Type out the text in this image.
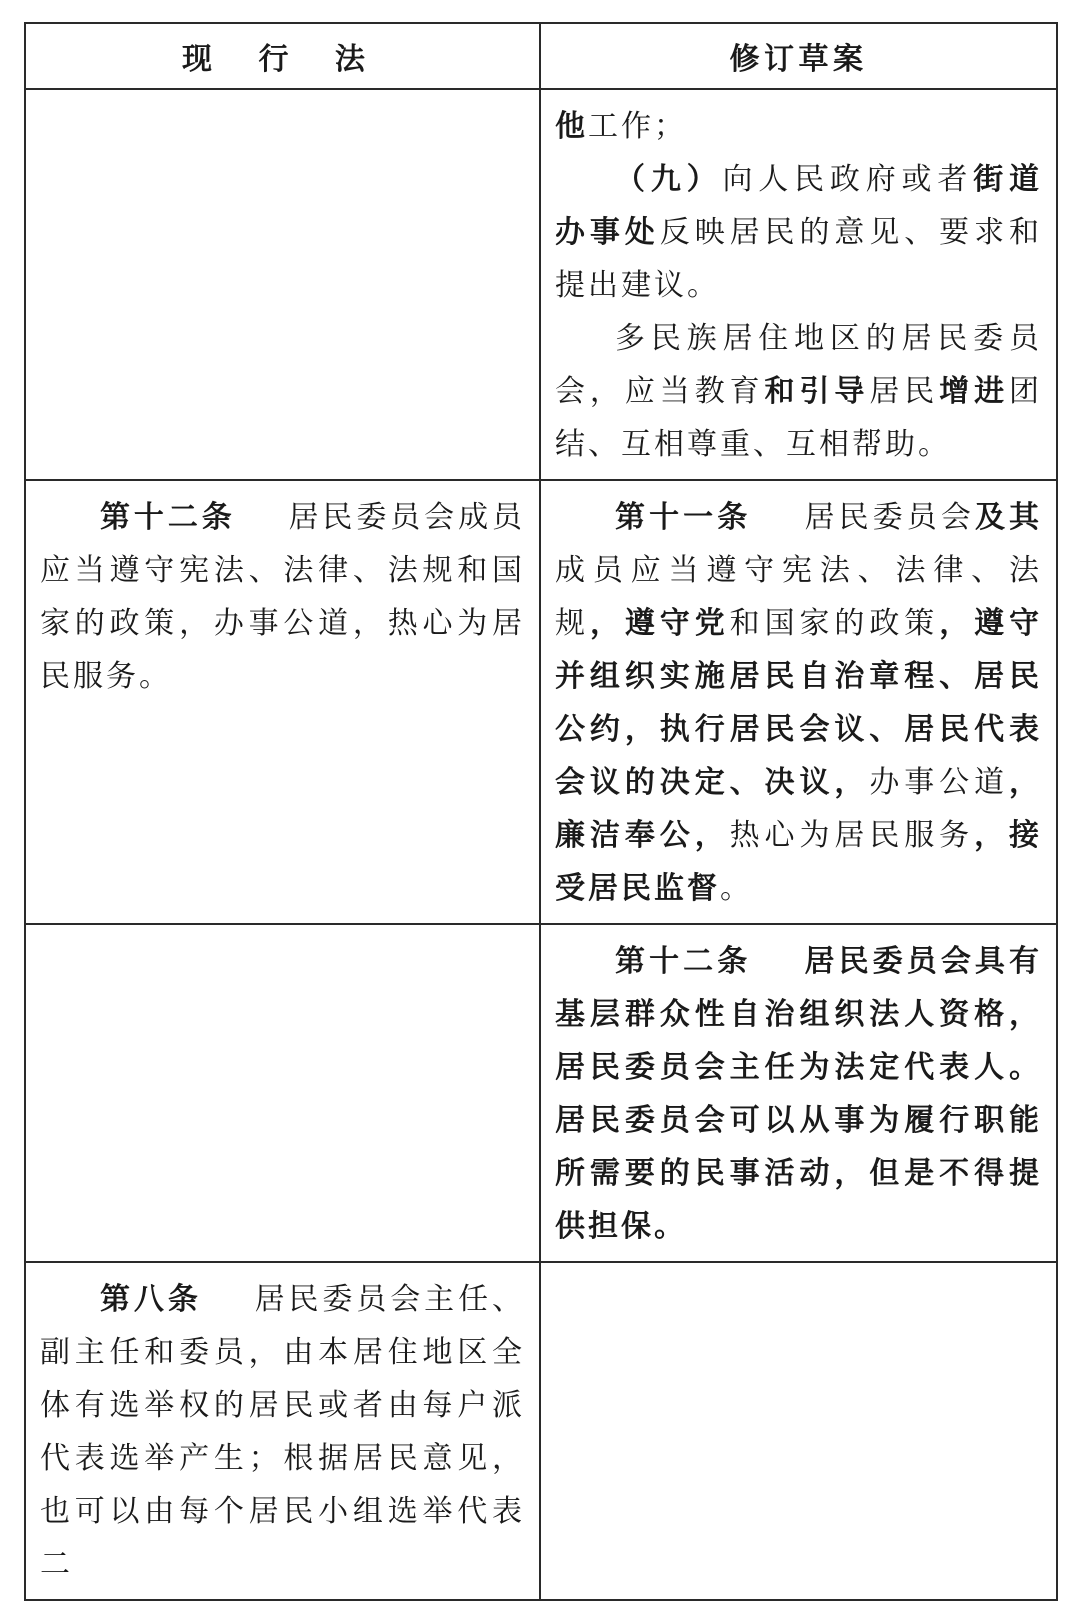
现 行 法	修订草案

	他工作；

（九）向人民政府或者街道办事处反映居民的意见、要求和提出建议。

多民族居住地区的居民委员会，应当教育和引导居民增进团结、互相尊重、互相帮助。

第十二条　 居民委员会成员应当遵守宪法、法律、法规和国家的政策，办事公道，热心为居民服务。	第十一条　 居民委员会及其成员应当遵守宪法、法律、法规，遵守党和国家的政策，遵守并组织实施居民自治章程、居民公约，执行居民会议、居民代表会议的决定、决议，办事公道，廉洁奉公，热心为居民服务，接受居民监督。

	第十二条　 居民委员会具有基层群众性自治组织法人资格，居民委员会主任为法定代表人。居民委员会可以从事为履行职能所需要的民事活动，但是不得提供担保。

第八条　 居民委员会主任、副主任和委员，由本居住地区全体有选举权的居民或者由每户派代表选举产生；根据居民意见，也可以由每个居民小组选举代表二	
